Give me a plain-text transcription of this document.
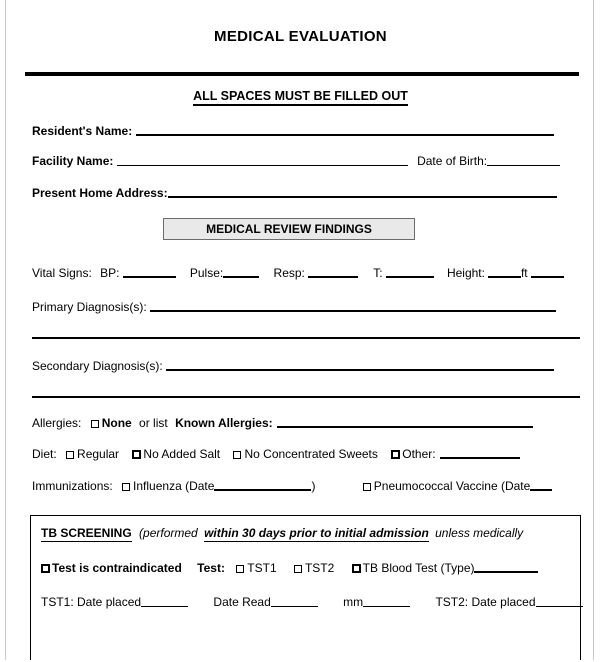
MEDICAL EVALUATION
ALL SPACES MUST BE FILLED OUT
Resident's Name:
Facility Name:	Date of Birth:
Present Home Address:
MEDICAL REVIEW FINDINGS
Vital Signs: BP:	Pulse:	Resp:	T:	Height:	ft
Primary Diagnosis(s):
Secondary Diagnosis(s):
Allergies: None or list Known Allergies:
Diet: Regular No Added Salt No Concentrated Sweets Other:
Immunizations: Influenza (Date	)	Pneumococcal Vaccine (Date
TB SCREENING (performed within 30 days prior to initial admission unless medically
Test is contraindicated Test: TST1 TST2 TB Blood Test (Type)
TST1: Date placed	Date Read	mm	TST2: Date placed
